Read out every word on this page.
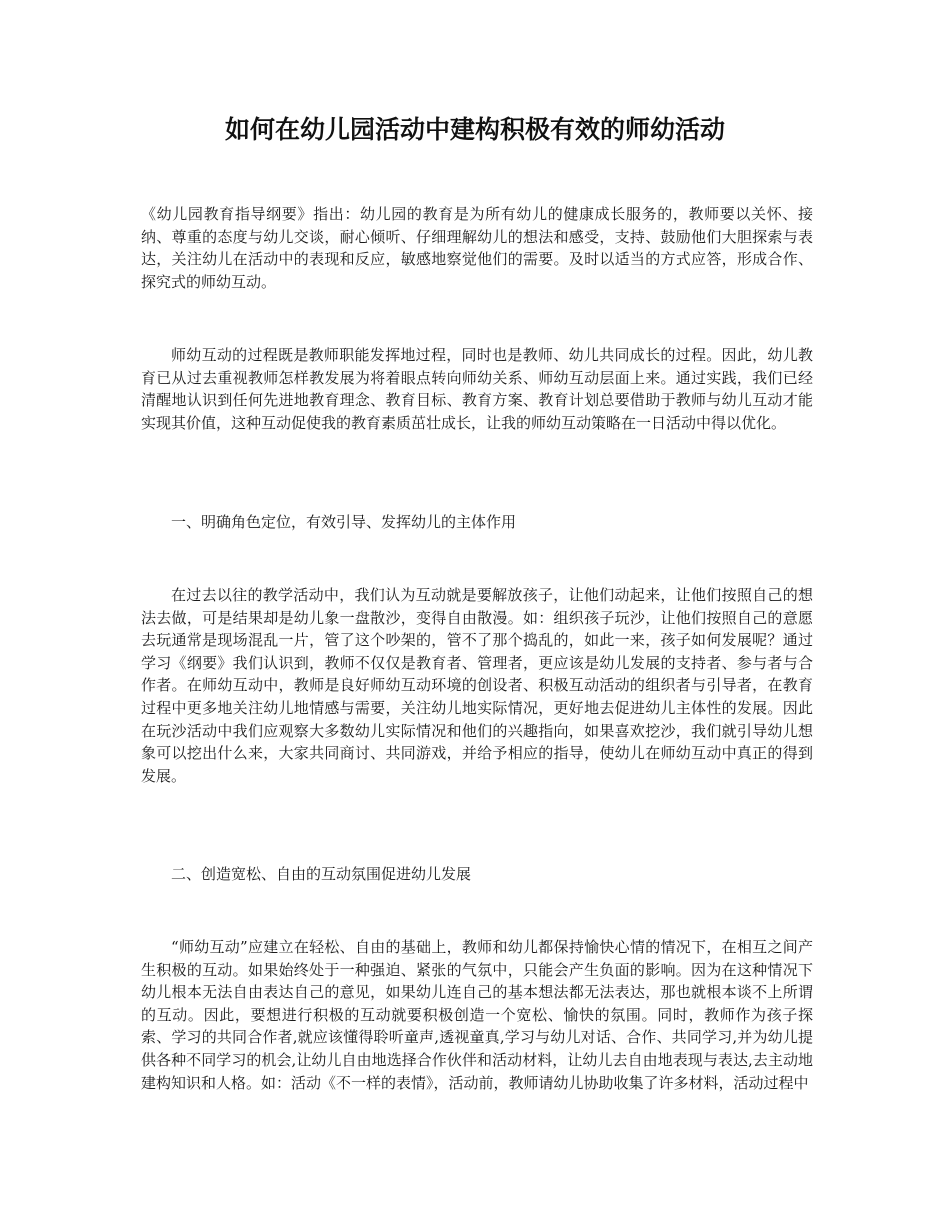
如何在幼儿园活动中建构积极有效的师幼活动

《幼儿园教育指导纲要》指出：幼儿园的教育是为所有幼儿的健康成长服务的，教师要以关怀、接纳、尊重的态度与幼儿交谈，耐心倾听、仔细理解幼儿的想法和感受，支持、鼓励他们大胆探索与表达，关注幼儿在活动中的表现和反应，敏感地察觉他们的需要。及时以适当的方式应答，形成合作、探究式的师幼互动。

师幼互动的过程既是教师职能发挥地过程，同时也是教师、幼儿共同成长的过程。因此，幼儿教育已从过去重视教师怎样教发展为将着眼点转向师幼关系、师幼互动层面上来。通过实践，我们已经清醒地认识到任何先进地教育理念、教育目标、教育方案、教育计划总要借助于教师与幼儿互动才能实现其价值，这种互动促使我的教育素质茁壮成长，让我的师幼互动策略在一日活动中得以优化。

一、明确角色定位，有效引导、发挥幼儿的主体作用

在过去以往的教学活动中，我们认为互动就是要解放孩子，让他们动起来，让他们按照自己的想法去做，可是结果却是幼儿象一盘散沙，变得自由散漫。如：组织孩子玩沙，让他们按照自己的意愿去玩通常是现场混乱一片，管了这个吵架的，管不了那个捣乱的，如此一来，孩子如何发展呢？通过学习《纲要》我们认识到，教师不仅仅是教育者、管理者，更应该是幼儿发展的支持者、参与者与合作者。在师幼互动中，教师是良好师幼互动环境的创设者、积极互动活动的组织者与引导者，在教育过程中更多地关注幼儿地情感与需要，关注幼儿地实际情况，更好地去促进幼儿主体性的发展。因此在玩沙活动中我们应观察大多数幼儿实际情况和他们的兴趣指向，如果喜欢挖沙，我们就引导幼儿想象可以挖出什么来，大家共同商讨、共同游戏，并给予相应的指导，使幼儿在师幼互动中真正的得到发展。

二、创造宽松、自由的互动氛围促进幼儿发展

“师幼互动”应建立在轻松、自由的基础上，教师和幼儿都保持愉快心情的情况下，在相互之间产生积极的互动。如果始终处于一种强迫、紧张的气氛中，只能会产生负面的影响。因为在这种情况下幼儿根本无法自由表达自己的意见，如果幼儿连自己的基本想法都无法表达，那也就根本谈不上所谓的互动。因此，要想进行积极的互动就要积极创造一个宽松、愉快的氛围。同时，教师作为孩子探索、学习的共同合作者,就应该懂得聆听童声,透视童真,学习与幼儿对话、合作、共同学习,并为幼儿提供各种不同学习的机会,让幼儿自由地选择合作伙伴和活动材料，让幼儿去自由地表现与表达,去主动地建构知识和人格。如：活动《不一样的表情》，活动前，教师请幼儿协助收集了许多材料，活动过程中
